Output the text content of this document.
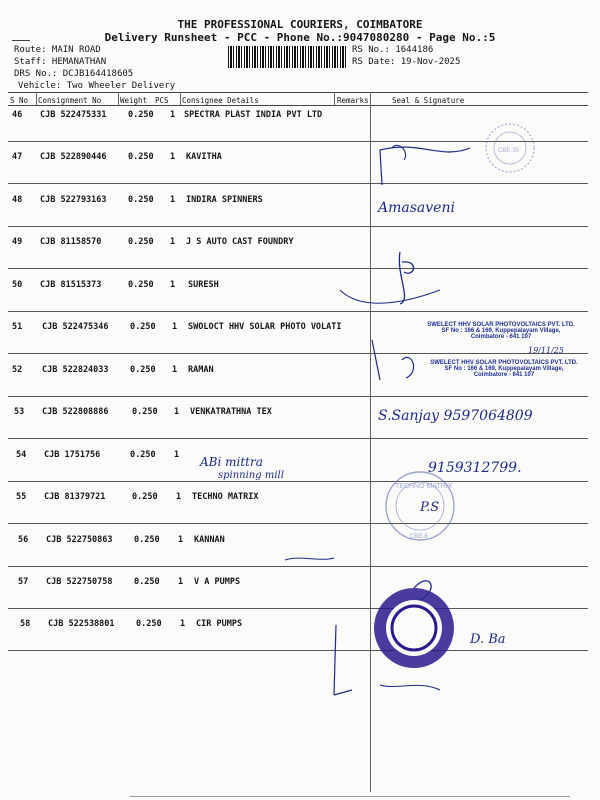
THE PROFESSIONAL COURIERS, COIMBATORE
Delivery Runsheet - PCC - Phone No.:9047080280 - Page No.:5
Route: MAIN ROAD
Staff: HEMANATHAN
DRS No.: DCJB164418605
Vehicle: Two Wheeler Delivery
RS No.: 1644186
RS Date: 19-Nov-2025
S No Consignment No	Weight PCS Consignee Details	Remarks	Seal & Signature
46 CJB 522475331	0.250 1 SPECTRA PLAST INDIA PVT LTD
47 CJB 522890446	0.250 1 KAVITHA
48 CJB 522793163	0.250 1 INDIRA SPINNERS
49 CJB 81158570	0.250 1 J S AUTO CAST FOUNDRY
50 CJB 81515373	0.250 1 SURESH
51 CJB 522475346	0.250 1 SWOLOCT HHV SOLAR PHOTO VOLATI
52 CJB 522824033	0.250 1 RAMAN
53 CJB 522808886	0.250 1 VENKATRATHNA TEX
54 CJB 1751756	0.250 1
55 CJB 81379721	0.250 1 TECHNO MATRIX
56 CJB 522750863	0.250 1 KANNAN
57 CJB 522750758	0.250 1 V A PUMPS
58 CJB 522538801	0.250 1 CIR PUMPS
CBE-35
TECHNO MATRIX
CBE-6
SWELECT HHV SOLAR PHOTOVOLTAICS PVT. LTD.
SF No : 166 & 169, Kuppepalayam Village,
Coimbatore - 641 107
SWELECT HHV SOLAR PHOTOVOLTAICS PVT. LTD.
SF No : 166 & 169, Kuppepalayam Village,
Coimbatore - 641 107
Amasaveni
19/11/25
S.Sanjay 9597064809
ABi mittra
spinning mill	9159312799.
P.S
D. Ba
